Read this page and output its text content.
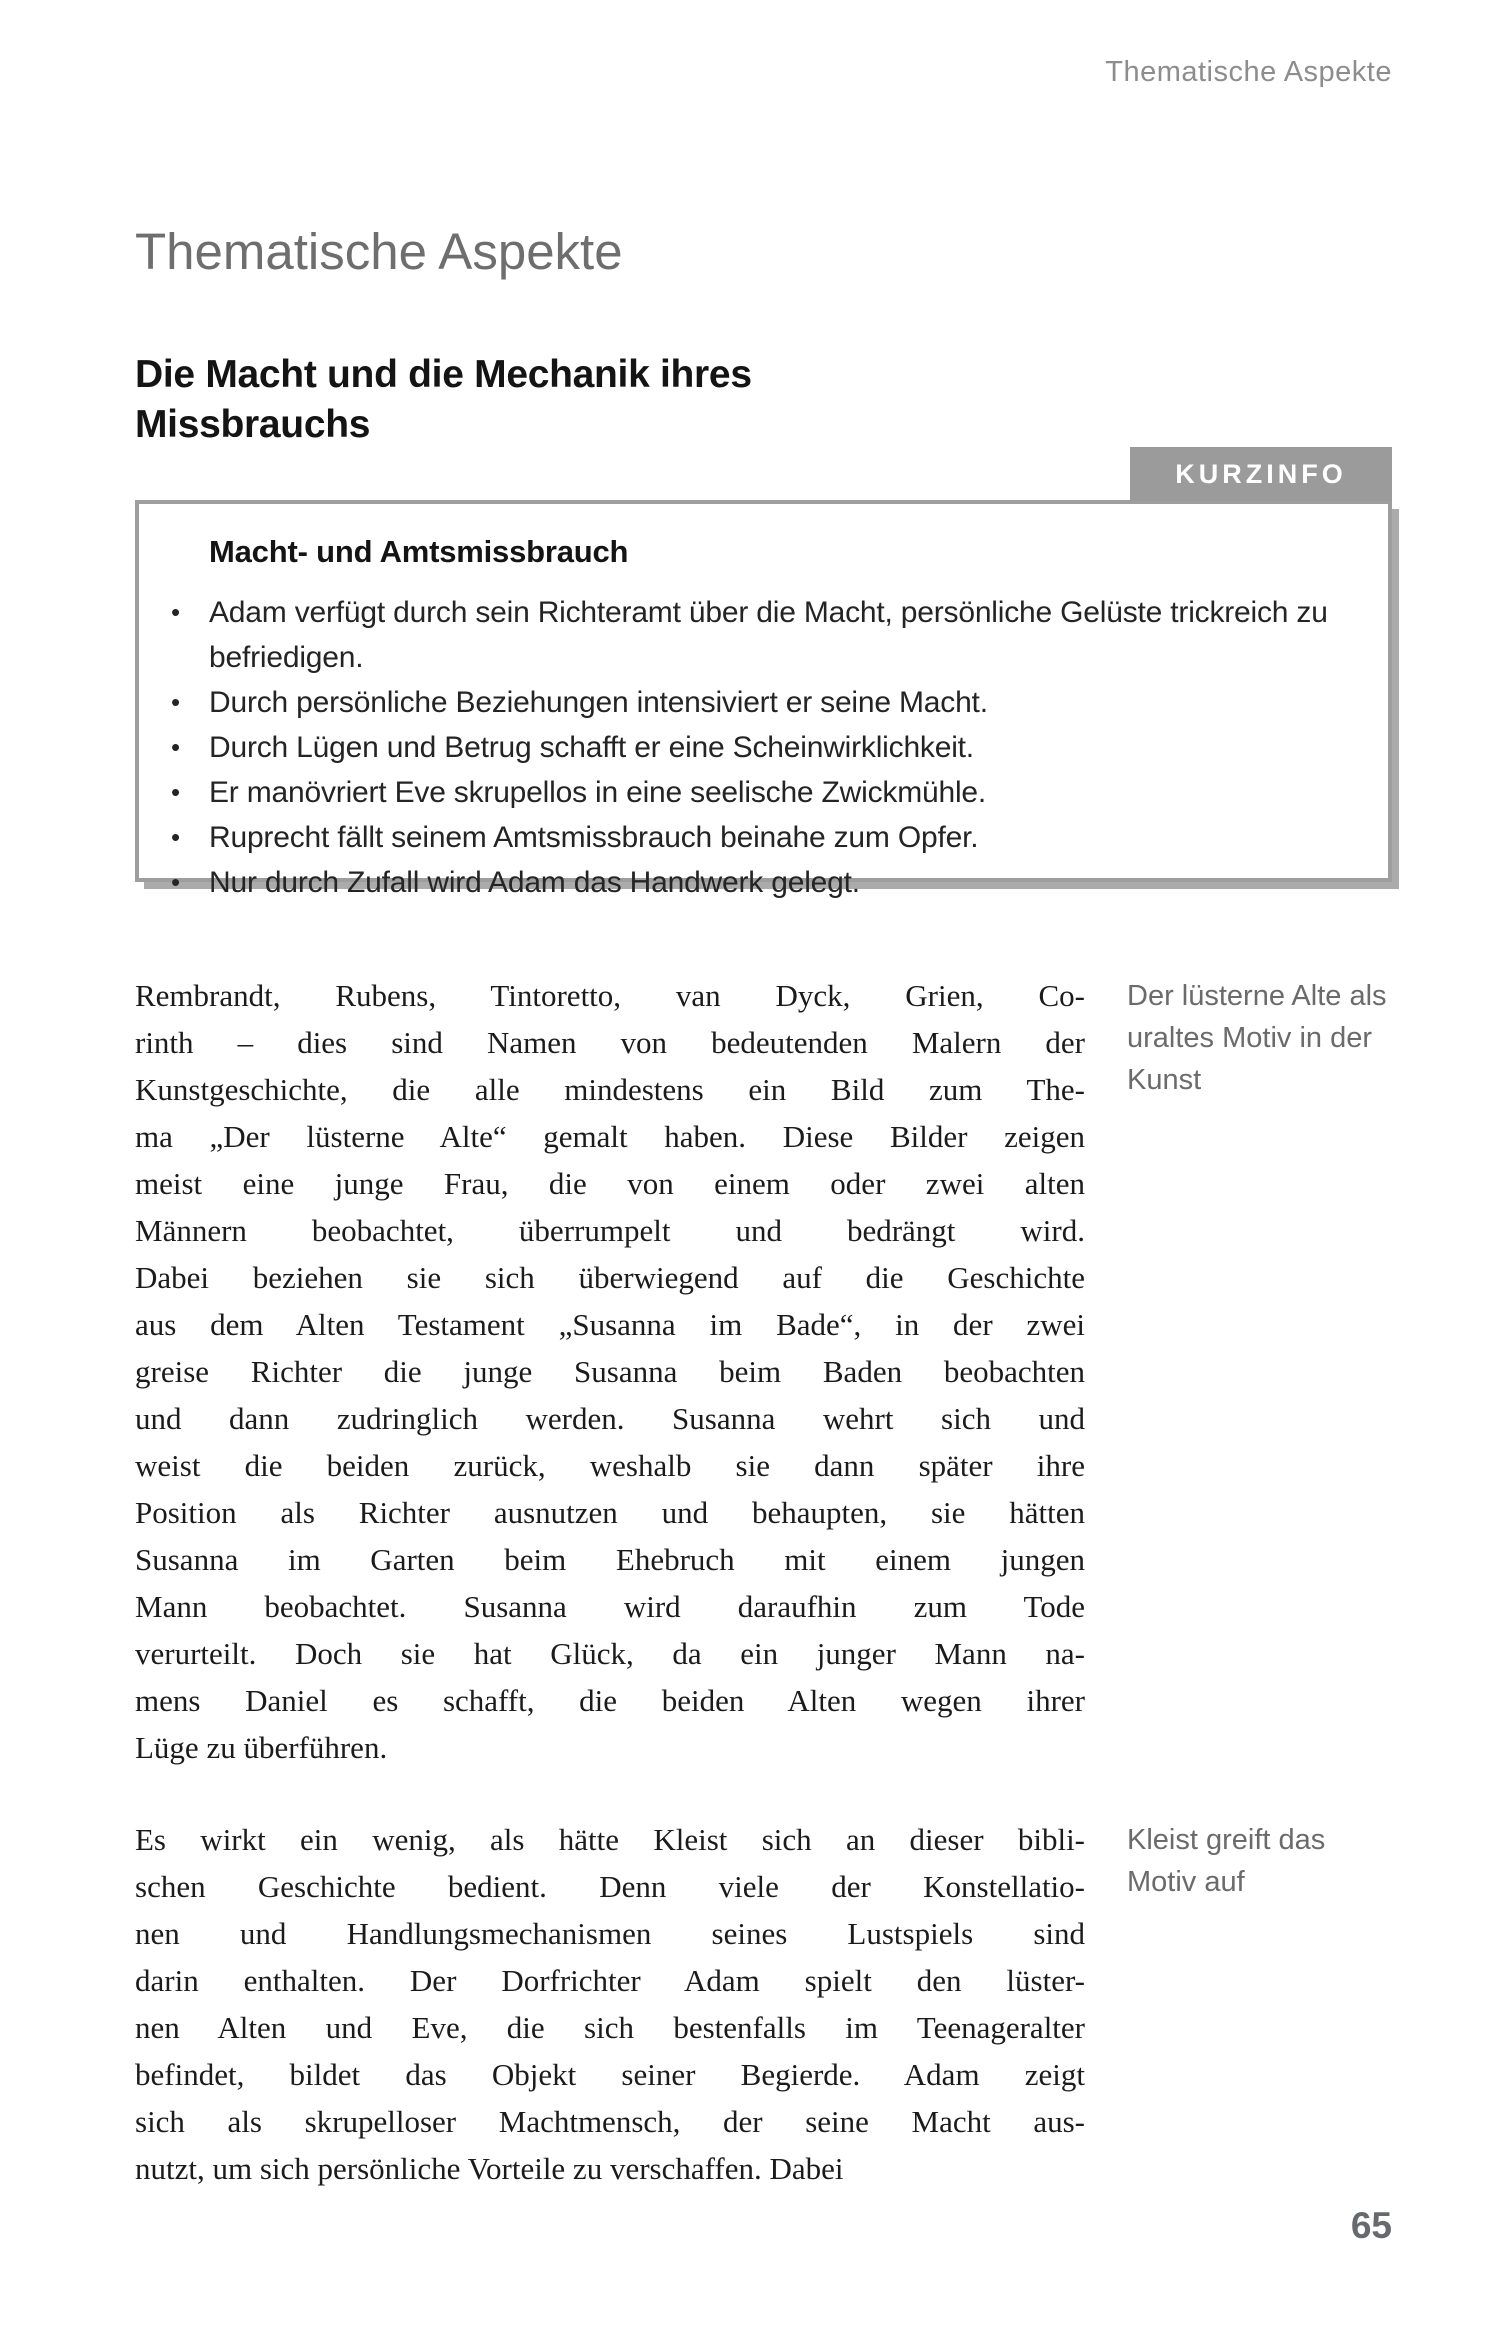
Thematische Aspekte
Thematische Aspekte
Die Macht und die Mechanik ihres
Missbrauchs
KURZINFO
Macht- und Amtsmissbrauch
• Adam verfügt durch sein Richteramt über die Macht, persönliche Gelüste trickreich zu befriedigen.
• Durch persönliche Beziehungen intensiviert er seine Macht.
• Durch Lügen und Betrug schafft er eine Scheinwirklichkeit.
• Er manövriert Eve skrupellos in eine seelische Zwickmühle.
• Ruprecht fällt seinem Amtsmissbrauch beinahe zum Opfer.
• Nur durch Zufall wird Adam das Handwerk gelegt.
Rembrandt, Rubens, Tintoretto, van Dyck, Grien, Co-
rinth – dies sind Namen von bedeutenden Malern der
Kunstgeschichte, die alle mindestens ein Bild zum The-
ma „Der lüsterne Alte“ gemalt haben. Diese Bilder zeigen
meist eine junge Frau, die von einem oder zwei alten
Männern beobachtet, überrumpelt und bedrängt wird.
Dabei beziehen sie sich überwiegend auf die Geschichte
aus dem Alten Testament „Susanna im Bade“, in der zwei
greise Richter die junge Susanna beim Baden beobachten
und dann zudringlich werden. Susanna wehrt sich und
weist die beiden zurück, weshalb sie dann später ihre
Position als Richter ausnutzen und behaupten, sie hätten
Susanna im Garten beim Ehebruch mit einem jungen
Mann beobachtet. Susanna wird daraufhin zum Tode
verurteilt. Doch sie hat Glück, da ein junger Mann na-
mens Daniel es schafft, die beiden Alten wegen ihrer
Lüge zu überführen.
Der lüsterne Alte als uraltes Motiv in der Kunst
Es wirkt ein wenig, als hätte Kleist sich an dieser bibli-
schen Geschichte bedient. Denn viele der Konstellatio-
nen und Handlungsmechanismen seines Lustspiels sind
darin enthalten. Der Dorfrichter Adam spielt den lüster-
nen Alten und Eve, die sich bestenfalls im Teenageralter
befindet, bildet das Objekt seiner Begierde. Adam zeigt
sich als skrupelloser Machtmensch, der seine Macht aus-
nutzt, um sich persönliche Vorteile zu verschaffen. Dabei
Kleist greift das Motiv auf
65
